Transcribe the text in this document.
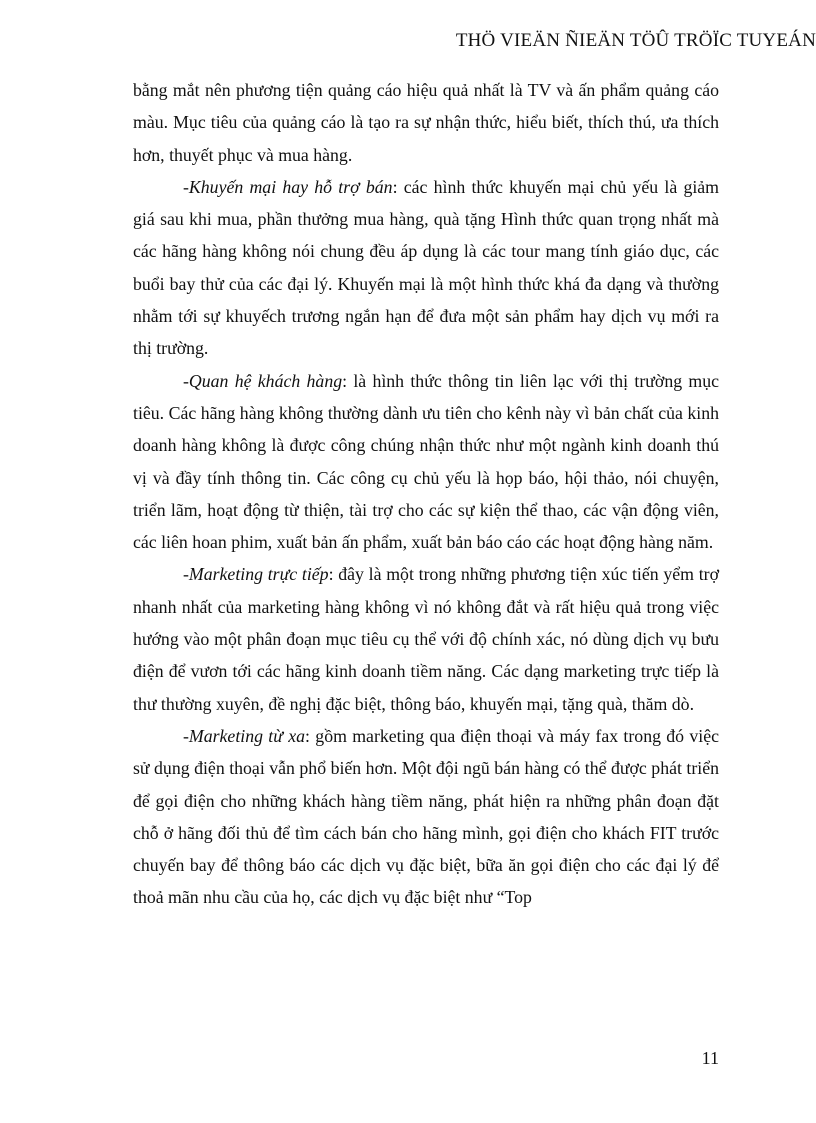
THÖ VIEÄN ÑIEÄN TÖÛ TRÖÏC TUYEÁN

bằng mắt nên phương tiện quảng cáo hiệu quả nhất là TV và ấn phẩm quảng cáo màu. Mục tiêu của quảng cáo là tạo ra sự nhận thức, hiểu biết, thích thú, ưa thích hơn, thuyết phục và mua hàng.

-Khuyến mại hay hỗ trợ bán: các hình thức khuyến mại chủ yếu là giảm giá sau khi mua, phần thưởng mua hàng, quà tặng Hình thức quan trọng nhất mà các hãng hàng không nói chung đều áp dụng là các tour mang tính giáo dục, các buổi bay thử của các đại lý. Khuyến mại là một hình thức khá đa dạng và thường nhằm tới sự khuyếch trương ngắn hạn để đưa một sản phẩm hay dịch vụ mới ra thị trường.

-Quan hệ khách hàng: là hình thức thông tin liên lạc với thị trường mục tiêu. Các hãng hàng không thường dành ưu tiên cho kênh này vì bản chất của kinh doanh hàng không là được công chúng nhận thức như một ngành kinh doanh thú vị và đầy tính thông tin. Các công cụ chủ yếu là họp báo, hội thảo, nói chuyện, triển lãm, hoạt động từ thiện, tài trợ cho các sự kiện thể thao, các vận động viên, các liên hoan phim, xuất bản ấn phẩm, xuất bản báo cáo các hoạt động hàng năm.

-Marketing trực tiếp: đây là một trong những phương tiện xúc tiến yểm trợ nhanh nhất của marketing hàng không vì nó không đắt và rất hiệu quả trong việc hướng vào một phân đoạn mục tiêu cụ thể với độ chính xác, nó dùng dịch vụ bưu điện để vươn tới các hãng kinh doanh tiềm năng. Các dạng marketing trực tiếp là thư thường xuyên, đề nghị đặc biệt, thông báo, khuyến mại, tặng quà, thăm dò.

-Marketing từ xa: gồm marketing qua điện thoại và máy fax trong đó việc sử dụng điện thoại vẫn phổ biến hơn. Một đội ngũ bán hàng có thể được phát triển để gọi điện cho những khách hàng tiềm năng, phát hiện ra những phân đoạn đặt chỗ ở hãng đối thủ để tìm cách bán cho hãng mình, gọi điện cho khách FIT trước chuyến bay để thông báo các dịch vụ đặc biệt, bữa ăn gọi điện cho các đại lý để thoả mãn nhu cầu của họ, các dịch vụ đặc biệt như “Top

11
